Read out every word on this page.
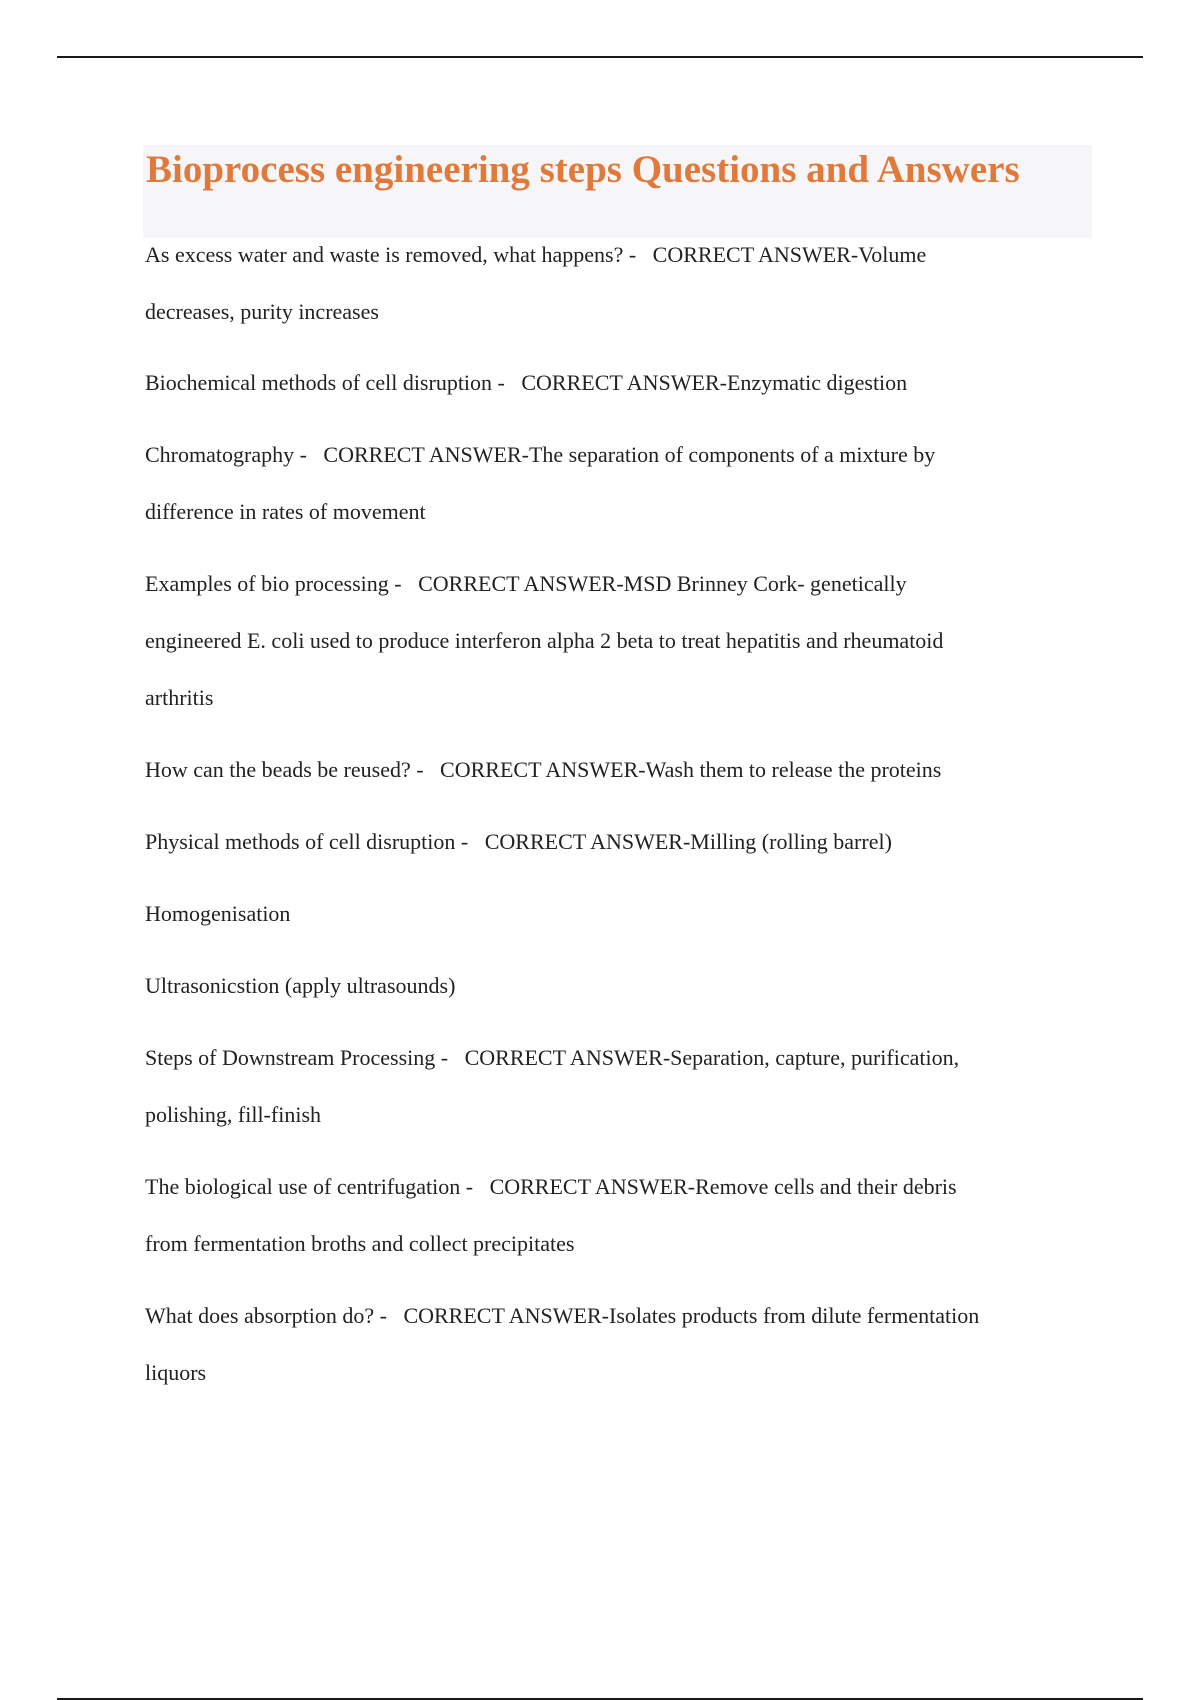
Bioprocess engineering steps Questions and Answers
As excess water and waste is removed, what happens? - CORRECT ANSWER-Volume
decreases, purity increases
Biochemical methods of cell disruption - CORRECT ANSWER-Enzymatic digestion
Chromatography - CORRECT ANSWER-The separation of components of a mixture by
difference in rates of movement
Examples of bio processing - CORRECT ANSWER-MSD Brinney Cork- genetically
engineered E. coli used to produce interferon alpha 2 beta to treat hepatitis and rheumatoid
arthritis
How can the beads be reused? - CORRECT ANSWER-Wash them to release the proteins
Physical methods of cell disruption - CORRECT ANSWER-Milling (rolling barrel)
Homogenisation
Ultrasonicstion (apply ultrasounds)
Steps of Downstream Processing - CORRECT ANSWER-Separation, capture, purification,
polishing, fill-finish
The biological use of centrifugation - CORRECT ANSWER-Remove cells and their debris
from fermentation broths and collect precipitates
What does absorption do? - CORRECT ANSWER-Isolates products from dilute fermentation
liquors
